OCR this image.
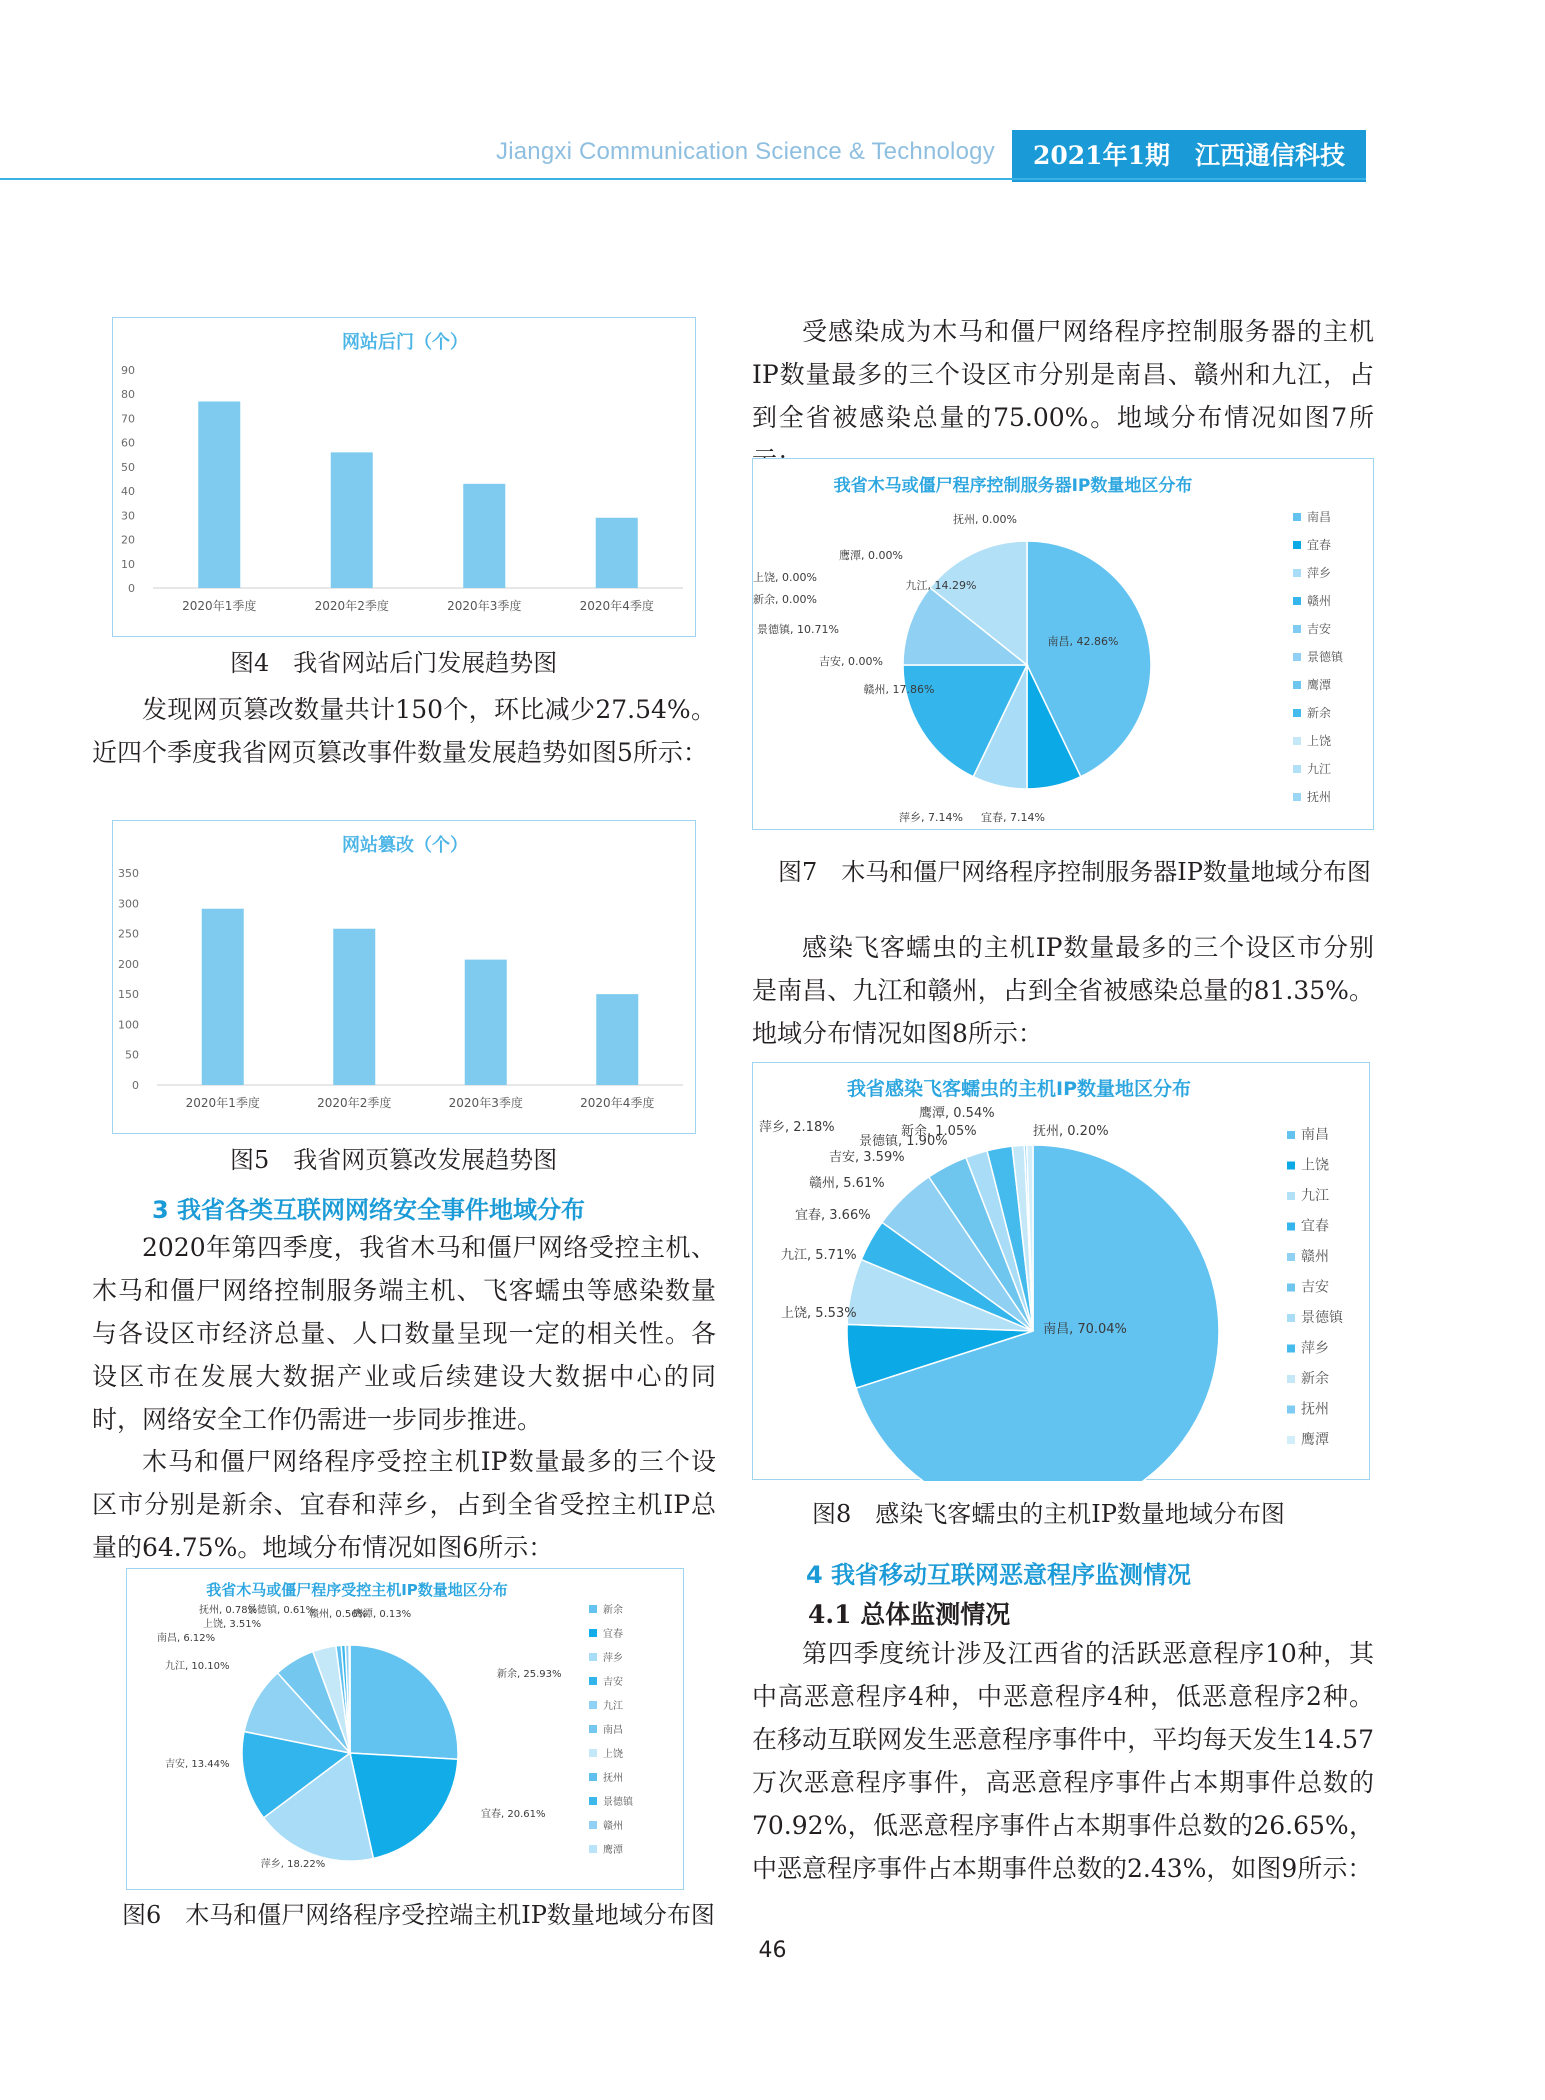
Jiangxi Communication Science & Technology	2021年1期　江西通信科技
网站后门（个）
0
10
20
30
40
50
60
70
80
90
2020年1季度	2020年2季度	2020年3季度	2020年4季度
图4　我省网站后门发展趋势图

发现网页篡改数量共计150个，环比减少27.54%。近四个季度我省网页篡改事件数量发展趋势如图5所示：

网站篡改（个）
0
50
100
150
200
250
300
350
2020年1季度	2020年2季度	2020年3季度	2020年4季度
图5　我省网页篡改发展趋势图
3 我省各类互联网网络安全事件地域分布

2020年第四季度，我省木马和僵尸网络受控主机、木马和僵尸网络控制服务端主机、飞客蠕虫等感染数量与各设区市经济总量、人口数量呈现一定的相关性。各设区市在发展大数据产业或后续建设大数据中心的同时，网络安全工作仍需进一步同步推进。

木马和僵尸网络程序受控主机IP数量最多的三个设区市分别是新余、宜春和萍乡，占到全省受控主机IP总量的64.75%。地域分布情况如图6所示：

我省木马或僵尸程序受控主机IP数量地区分布
新余, 25.93%
宜春, 20.61%
萍乡, 18.22%
吉安, 13.44%
九江, 10.10%
南昌, 6.12%
上饶, 3.51%
抚州, 0.78%
景德镇, 0.61%
赣州, 0.56%
鹰潭, 0.13%	新余
宜春
萍乡
吉安
九江
南昌
上饶
抚州
景德镇
赣州
鹰潭
图6　木马和僵尸网络程序受控端主机IP数量地域分布图

受感染成为木马和僵尸网络程序控制服务器的主机IP数量最多的三个设区市分别是南昌、赣州和九江，占到全省被感染总量的75.00%。地域分布情况如图7所

我省木马或僵尸程序控制服务器IP数量地区分布
南昌, 42.86%
宜春, 7.14%
萍乡, 7.14%
赣州, 17.86%
吉安, 0.00%
景德镇, 10.71%
鹰潭, 0.00%
新余, 0.00%
上饶, 0.00%
九江, 14.29%
抚州, 0.00%	南昌
宜春
萍乡
赣州
吉安
景德镇
鹰潭
新余
上饶
九江
抚州
图7　木马和僵尸网络程序控制服务器IP数量地域分布图

感染飞客蠕虫的主机IP数量最多的三个设区市分别是南昌、九江和赣州，占到全省被感染总量的81.35%。地域分布情况如图8所示：

我省感染飞客蠕虫的主机IP数量地区分布
南昌, 70.04%
上饶, 5.53%
九江, 5.71%
宜春, 3.66%
赣州, 5.61%
吉安, 3.59%
景德镇, 1.90%
萍乡, 2.18%	新余, 1.05%	抚州, 0.20%
鹰潭, 0.54%
南昌
上饶
九江
宜春
赣州
吉安
景德镇
萍乡
新余
抚州
鹰潭
图8　感染飞客蠕虫的主机IP数量地域分布图
4 我省移动互联网恶意程序监测情况
4.1 总体监测情况

第四季度统计涉及江西省的活跃恶意程序10种，其中高恶意程序4种，中恶意程序4种，低恶意程序2种。在移动互联网发生恶意程序事件中，平均每天发生14.57万次恶意程序事件，高恶意程序事件占本期事件总数的70.92%，低恶意程序事件占本期事件总数的26.65%，中恶意程序事件占本期事件总数的2.43%，如图9所示：

46
